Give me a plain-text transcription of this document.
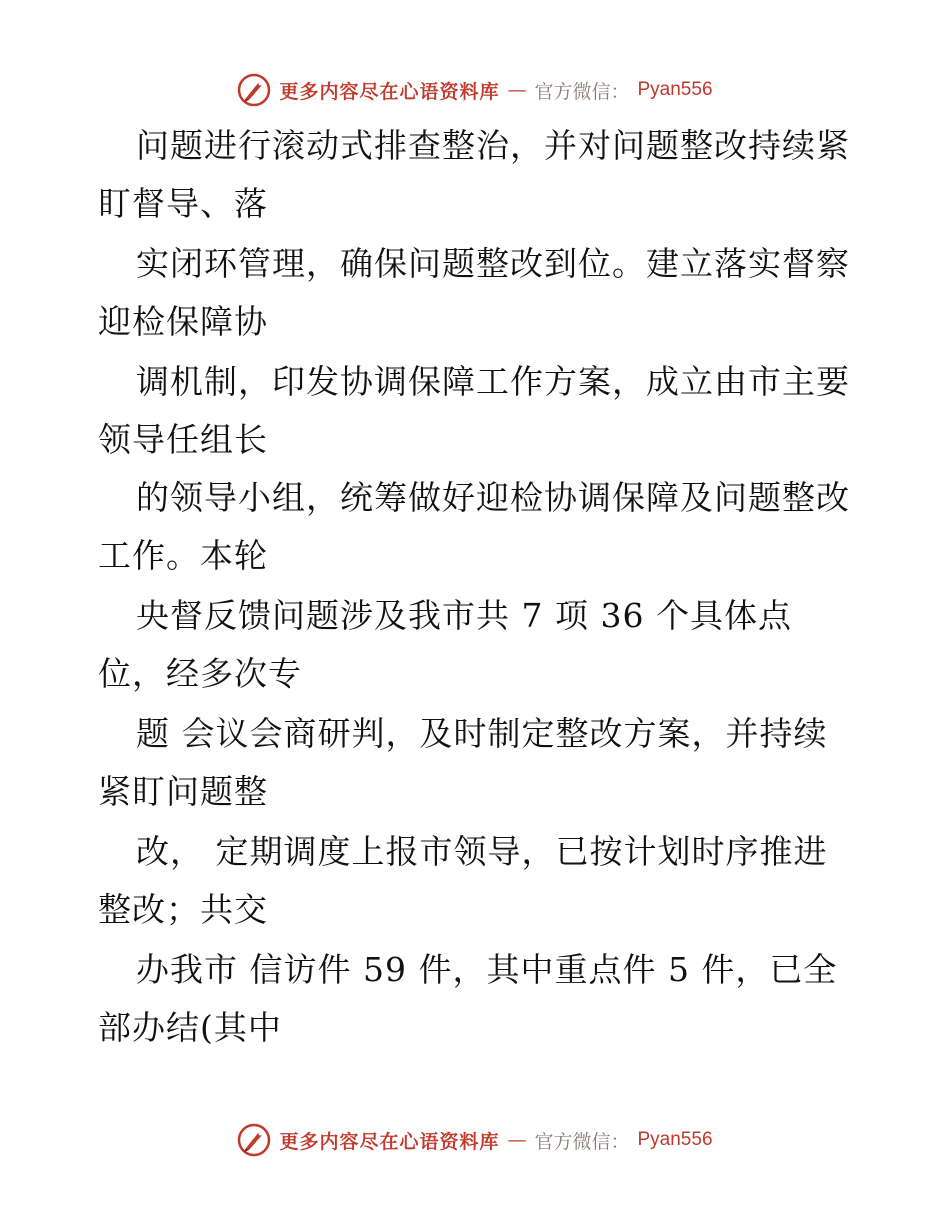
更多内容尽在心语资料库 — 官方微信： Pyan556
问题进行滚动式排查整治，并对问题整改持续紧
盯督导、落
实闭环管理，确保问题整改到位。建立落实督察
迎检保障协
调机制，印发协调保障工作方案，成立由市主要
领导任组长
的领导小组，统筹做好迎检协调保障及问题整改
工作。本轮
央督反馈问题涉及我市共 7 项 36 个具体点
位，经多次专
题 会议会商研判，及时制定整改方案，并持续
紧盯问题整
改， 定期调度上报市领导，已按计划时序推进
整改；共交
办我市 信访件 59 件，其中重点件 5 件，已全
部办结(其中
更多内容尽在心语资料库 — 官方微信： Pyan556
